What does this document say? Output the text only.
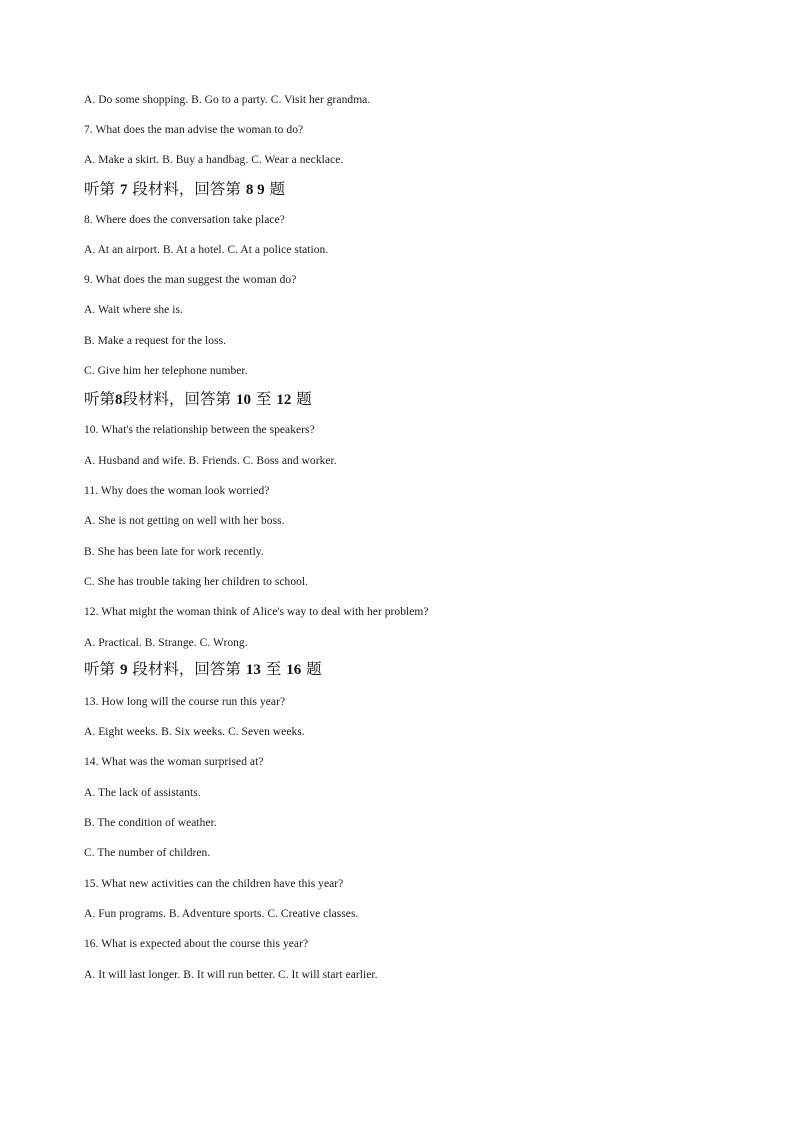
A. Do some shopping. B. Go to a party. C. Visit her grandma.
7. What does the man advise the woman to do?
A. Make a skirt. B. Buy a handbag. C. Wear a necklace.
听第 7 段材料，回答第 8 9 题
8. Where does the conversation take place?
A. At an airport. B. At a hotel. C. At a police station.
9. What does the man suggest the woman do?
A. Wait where she is.
B. Make a request for the loss.
C. Give him her telephone number.
听第8段材料，回答第 10 至 12 题
10. What's the relationship between the speakers?
A. Husband and wife. B. Friends. C. Boss and worker.
11. Why does the woman look worried?
A. She is not getting on well with her boss.
B. She has been late for work recently.
C. She has trouble taking her children to school.
12. What might the woman think of Alice's way to deal with her problem?
A. Practical. B. Strange. C. Wrong.
听第 9 段材料，回答第 13 至 16 题
13. How long will the course run this year?
A. Eight weeks. B. Six weeks. C. Seven weeks.
14. What was the woman surprised at?
A. The lack of assistants.
B. The condition of weather.
C. The number of children.
15. What new activities can the children have this year?
A. Fun programs. B. Adventure sports. C. Creative classes.
16. What is expected about the course this year?
A. It will last longer. B. It will run better. C. It will start earlier.
